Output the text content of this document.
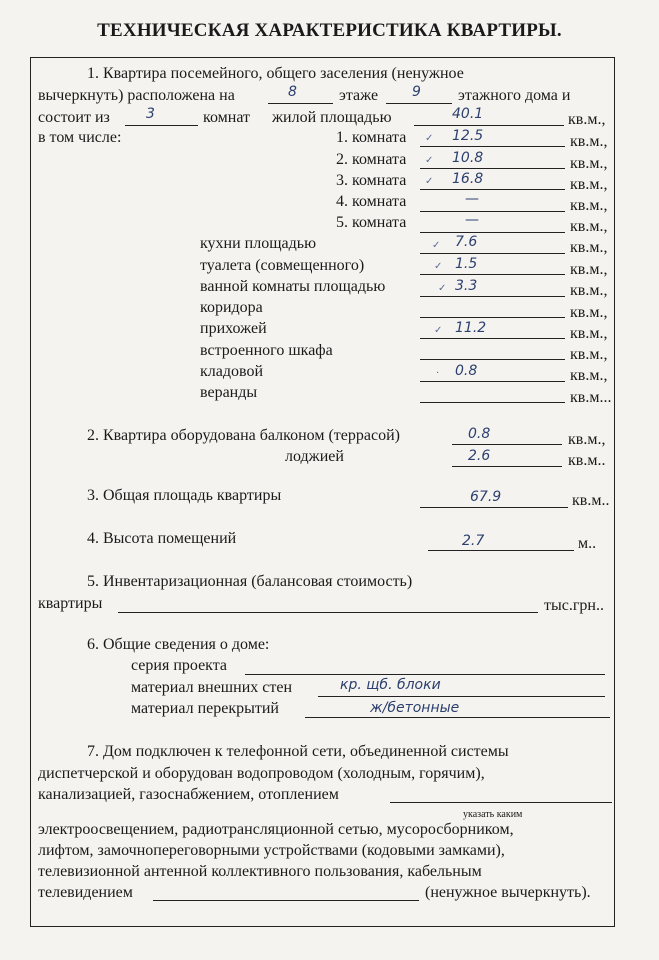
ТЕХНИЧЕСКАЯ ХАРАКТЕРИСТИКА КВАРТИРЫ.
1. Квартира посемейного, общего заселения (ненужное
вычеркнуть) расположена на	8	этаже 9 этажного дома и
состоит из	3	комнат жилой площадью	40.1	кв.м.,
в том числе:	1. комната ✓ 12.5	кв.м.,
2. комната ✓ 10.8	кв.м.,
3. комната ✓ 16.8	кв.м.,
4. комната	—	кв.м.,
5. комната	—	кв.м.,
кухни площадью	✓ 7.6	кв.м.,
туалета (совмещенного)	✓ 1.5	кв.м.,
ванной комнаты площадью	✓ 3.3	кв.м.,
коридора	кв.м.,
прихожей	✓ 11.2	кв.м.,
встроенного шкафа	кв.м.,
кладовой	· 0.8	кв.м.,
веранды	кв.м...
2. Квартира оборудована балконом (террасой)	0.8	кв.м.,
лоджией	2.6	кв.м..
3. Общая площадь квартиры	67.9	кв.м..
4. Высота помещений	2.7	м..
5. Инвентаризационная (балансовая стоимость)
квартиры	тыс.грн..
6. Общие сведения о доме:
серия проекта
материал внешних стен	кр. щб. блоки
материал перекрытий	ж/бетонные
7. Дом подключен к телефонной сети, объединенной системы
диспетчерской и оборудован водопроводом (холодным, горячим),
канализацией, газоснабжением, отоплением
указать каким
электроосвещением, радиотрансляционной сетью, мусоросборником,
лифтом, замочнопереговорными устройствами (кодовыми замками),
телевизионной антенной коллективного пользования, кабельным
телевидением	(ненужное вычеркнуть).
